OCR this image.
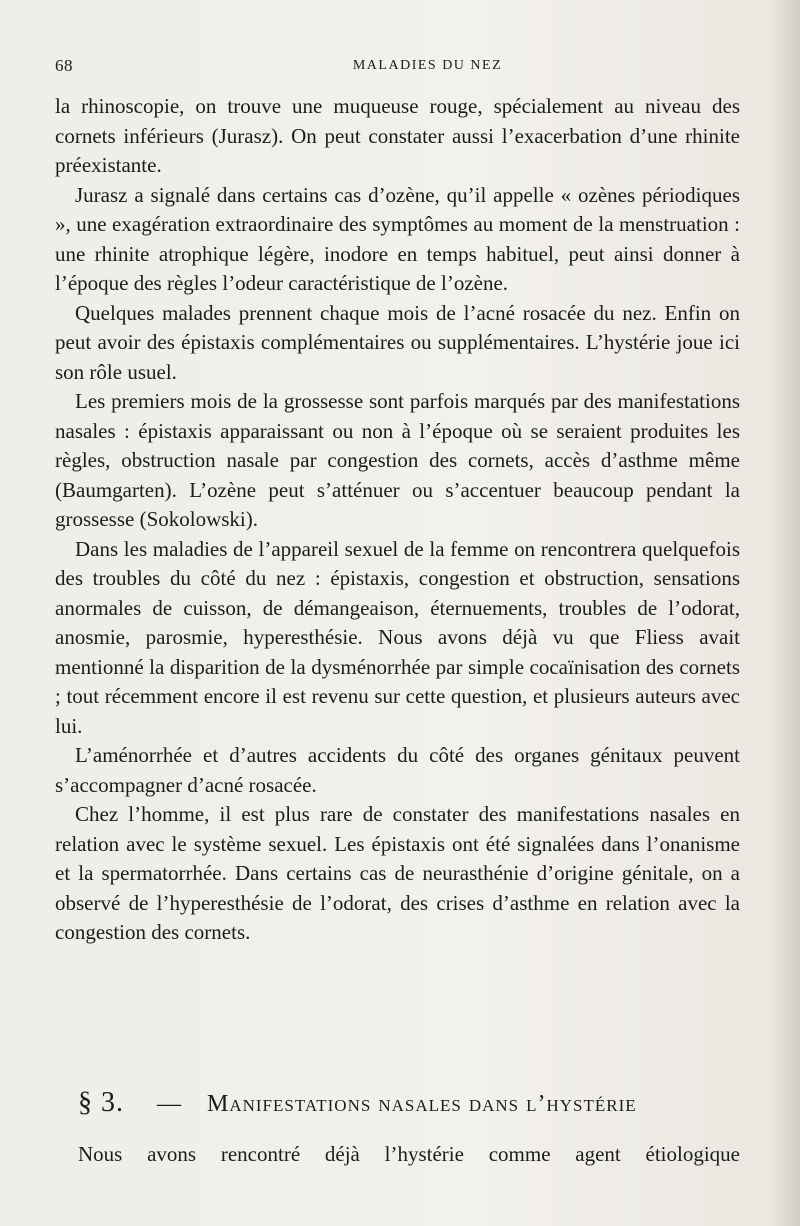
68	MALADIES DU NEZ

la rhinoscopie, on trouve une muqueuse rouge, spécialement au niveau des cornets inférieurs (Jurasz). On peut constater aussi l’exacerbation d’une rhinite préexistante.

Jurasz a signalé dans certains cas d’ozène, qu’il appelle « ozènes périodiques », une exagération extraordinaire des symptômes au moment de la menstruation : une rhinite atrophique légère, inodore en temps habituel, peut ainsi donner à l’époque des règles l’odeur caractéristique de l’ozène.

Quelques malades prennent chaque mois de l’acné rosacée du nez. Enfin on peut avoir des épistaxis complémentaires ou supplémentaires. L’hystérie joue ici son rôle usuel.

Les premiers mois de la grossesse sont parfois marqués par des manifestations nasales : épistaxis apparaissant ou non à l’époque où se seraient produites les règles, obstruction nasale par congestion des cornets, accès d’asthme même (Baumgarten). L’ozène peut s’atténuer ou s’accentuer beaucoup pendant la grossesse (Sokolowski).

Dans les maladies de l’appareil sexuel de la femme on rencontrera quelquefois des troubles du côté du nez : épistaxis, congestion et obstruction, sensations anormales de cuisson, de démangeaison, éternuements, troubles de l’odorat, anosmie, parosmie, hyperesthésie. Nous avons déjà vu que Fliess avait mentionné la disparition de la dysménorrhée par simple cocaïnisation des cornets ; tout récemment encore il est revenu sur cette question, et plusieurs auteurs avec lui.

L’aménorrhée et d’autres accidents du côté des organes génitaux peuvent s’accompagner d’acné rosacée.

Chez l’homme, il est plus rare de constater des manifestations nasales en relation avec le système sexuel. Les épistaxis ont été signalées dans l’onanisme et la spermatorrhée. Dans certains cas de neurasthénie d’origine génitale, on a observé de l’hyperesthésie de l’odorat, des crises d’asthme en relation avec la congestion des cornets.

§ 3. — Manifestations nasales dans l’hystérie
Nous avons rencontré déjà l’hystérie comme agent étiologique
